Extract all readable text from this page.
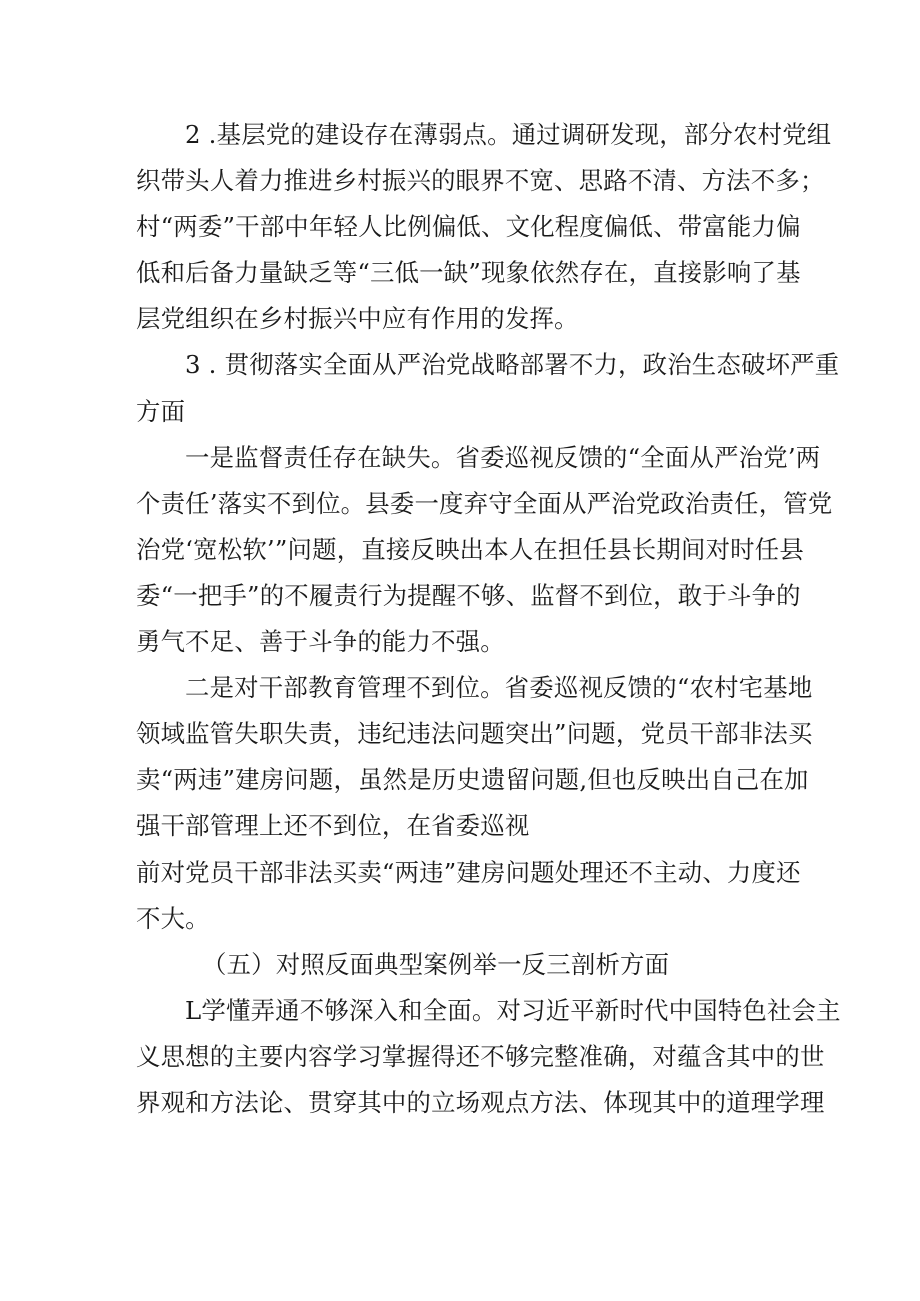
2 .基层党的建设存在薄弱点。通过调研发现，部分农村党组
织带头人着力推进乡村振兴的眼界不宽、思路不清、方法不多；
村“两委”干部中年轻人比例偏低、文化程度偏低、带富能力偏
低和后备力量缺乏等“三低一缺”现象依然存在，直接影响了基
层党组织在乡村振兴中应有作用的发挥。
3 . 贯彻落实全面从严治党战略部署不力，政治生态破坏严重
方面
一是监督责任存在缺失。省委巡视反馈的“全面从严治党’两
个责任’落实不到位。县委一度弃守全面从严治党政治责任，管党
治党‘宽松软’”问题，直接反映出本人在担任县长期间对时任县
委“一把手”的不履责行为提醒不够、监督不到位，敢于斗争的
勇气不足、善于斗争的能力不强。
二是对干部教育管理不到位。省委巡视反馈的“农村宅基地
领域监管失职失责，违纪违法问题突出”问题，党员干部非法买
卖“两违”建房问题，虽然是历史遗留问题,但也反映出自己在加
强干部管理上还不到位，在省委巡视
前对党员干部非法买卖“两违”建房问题处理还不主动、力度还
不大。
（五）对照反面典型案例举一反三剖析方面
L学懂弄通不够深入和全面。对习近平新时代中国特色社会主
义思想的主要内容学习掌握得还不够完整准确，对蕴含其中的世
界观和方法论、贯穿其中的立场观点方法、体现其中的道理学理
